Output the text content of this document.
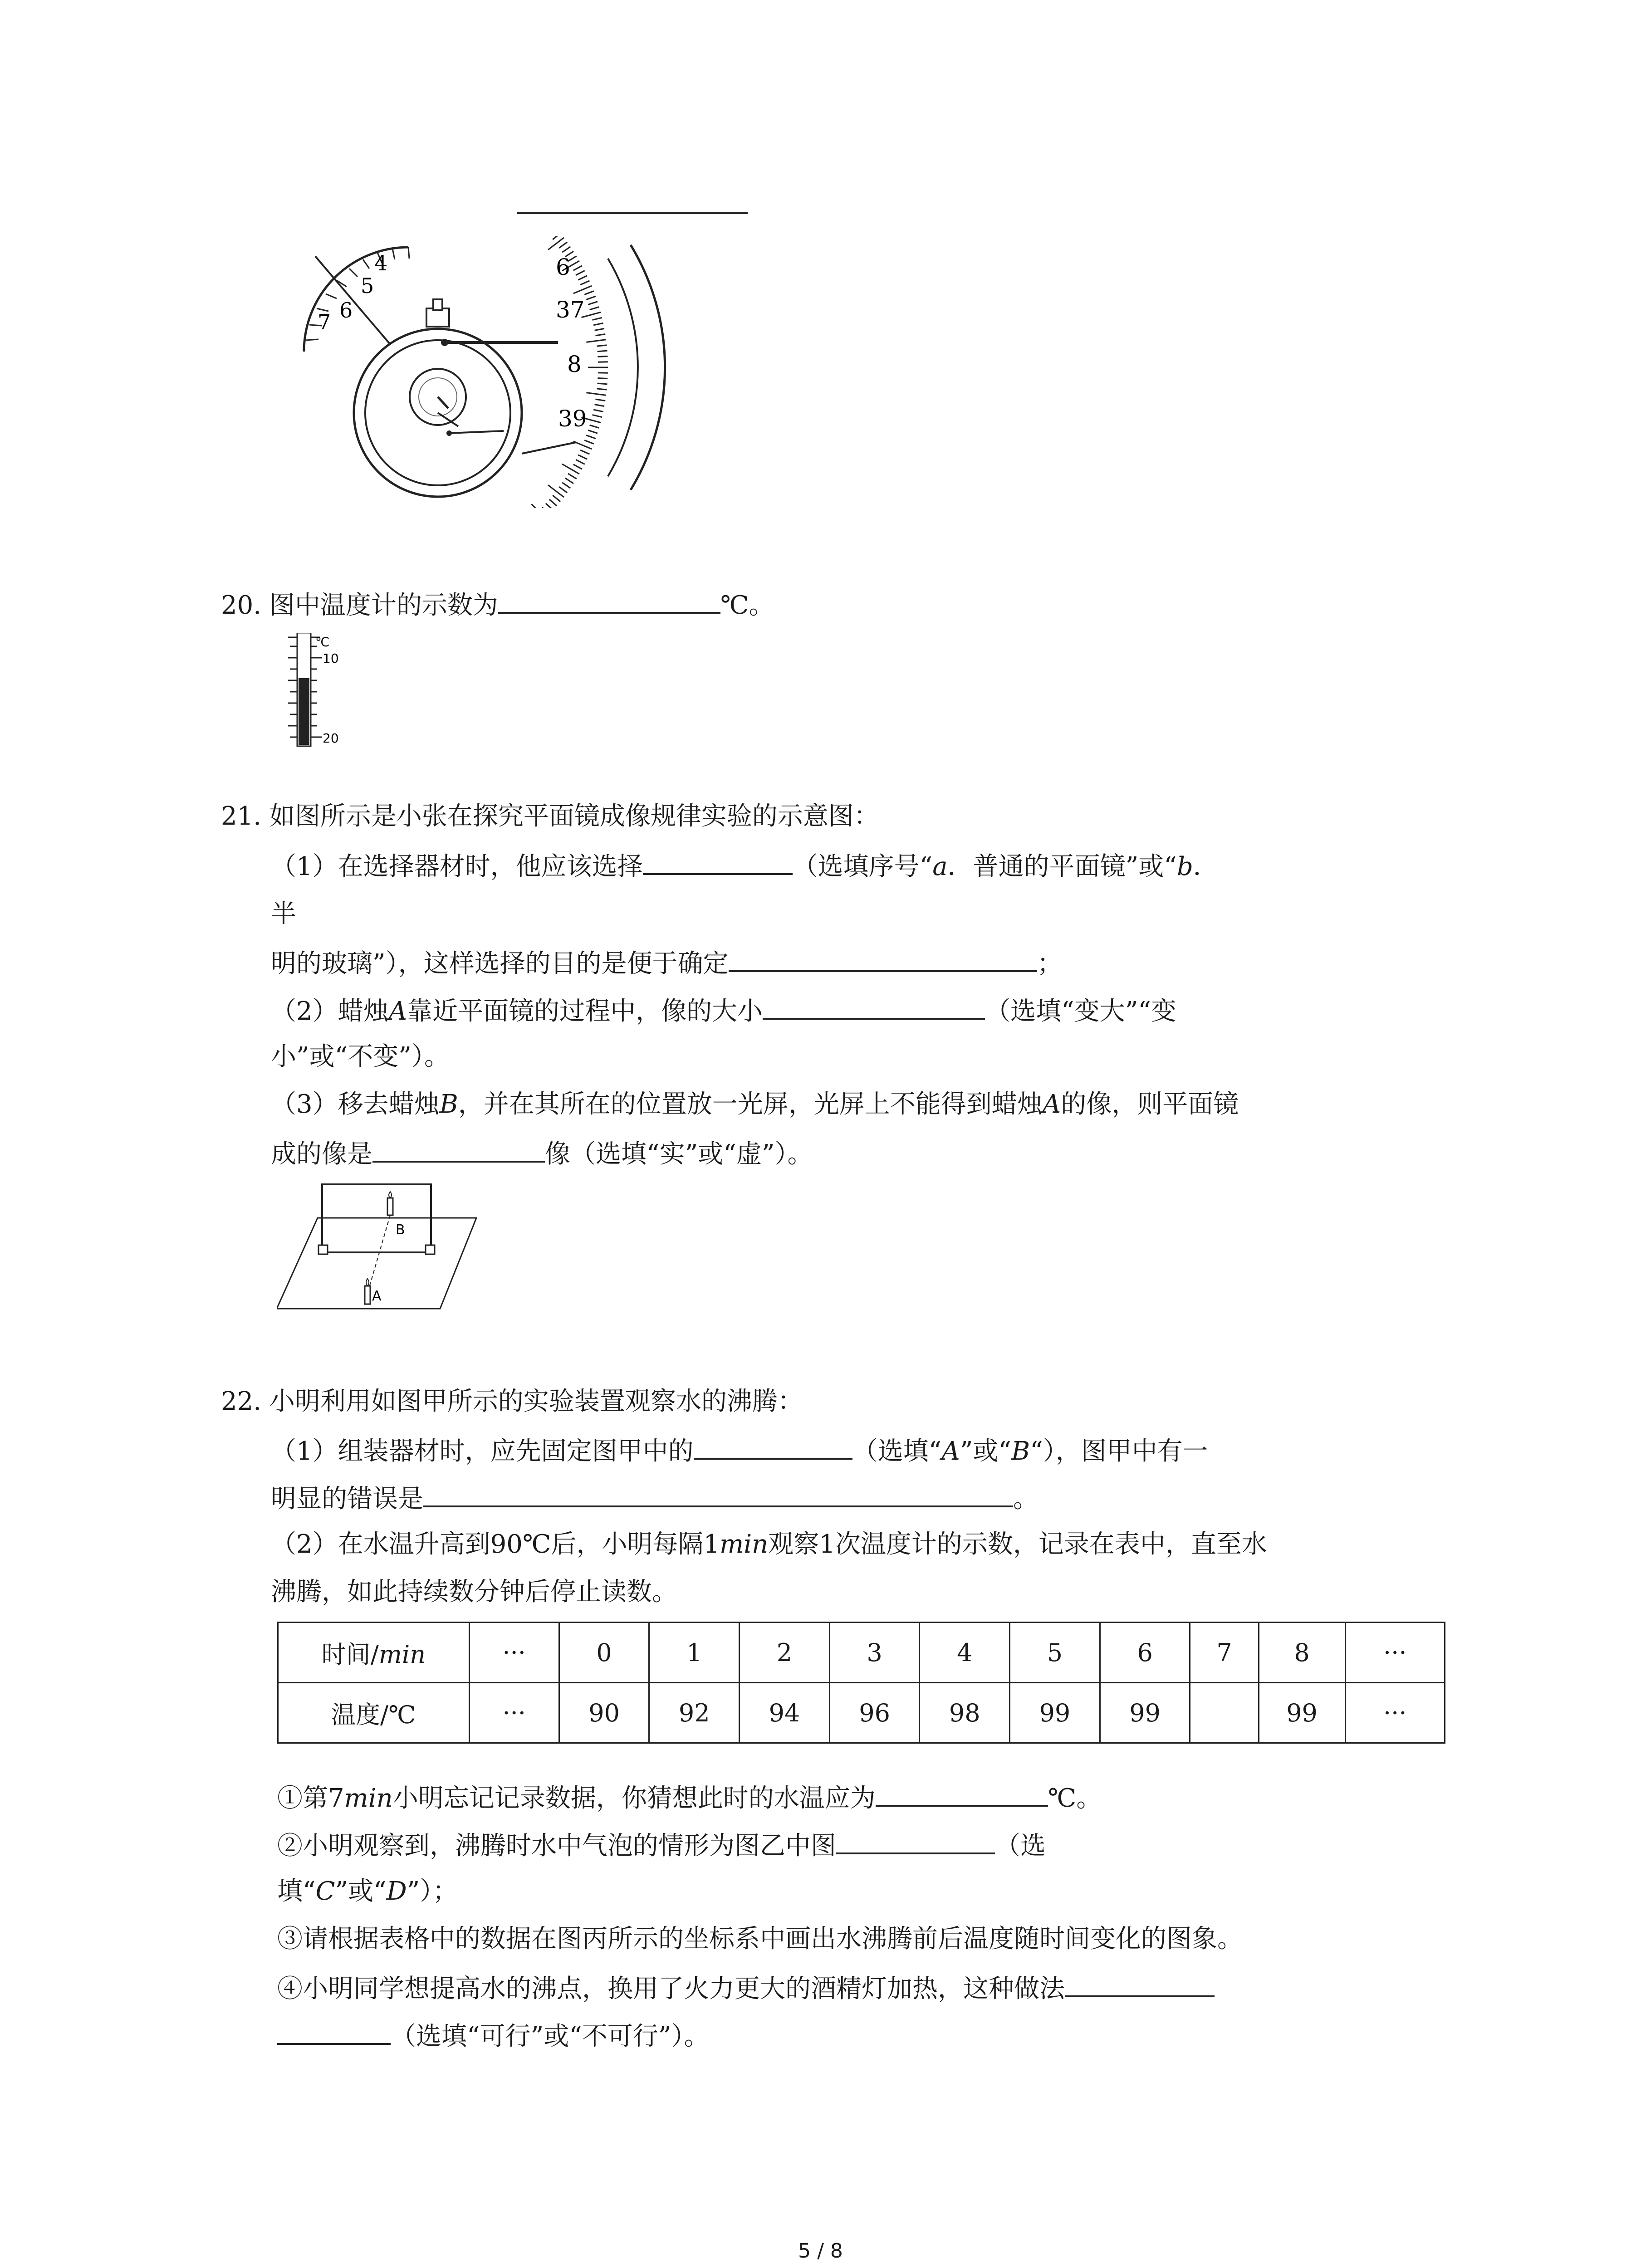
4
5
6
7
6
37
8
39
20. 图中温度计的示数为	℃。
℃
10
20
21. 如图所示是小张在探究平面镜成像规律实验的示意图：
（1）在选择器材时，他应该选择	（选填序号“a．普通的平面镜”或“b．
半
明的玻璃”），这样选择的目的是便于确定	；
（2）蜡烛A靠近平面镜的过程中，像的大小	（选填“变大”“变
小”或“不变”）。
（3）移去蜡烛B，并在其所在的位置放一光屏，光屏上不能得到蜡烛A的像，则平面镜
成的像是	像（选填“实”或“虚”）。
B
A
22. 小明利用如图甲所示的实验装置观察水的沸腾：
（1）组装器材时，应先固定图甲中的	（选填“A”或“B“），图甲中有一
明显的错误是	。
（2）在水温升高到90℃后，小明每隔1min观察1次温度计的示数，记录在表中，直至水
沸腾，如此持续数分钟后停止读数。
时间/min	···	0	1	2	3	4	5	6	7	8	···
温度/℃	···	90	92	94	96	98	99	99		99	···
①第7min小明忘记记录数据，你猜想此时的水温应为	℃。
②小明观察到，沸腾时水中气泡的情形为图乙中图	（选
填“C”或“D”）；
③请根据表格中的数据在图丙所示的坐标系中画出水沸腾前后温度随时间变化的图象。
④小明同学想提高水的沸点，换用了火力更大的酒精灯加热，这种做法
（选填“可行”或“不可行”）。
5 / 8
